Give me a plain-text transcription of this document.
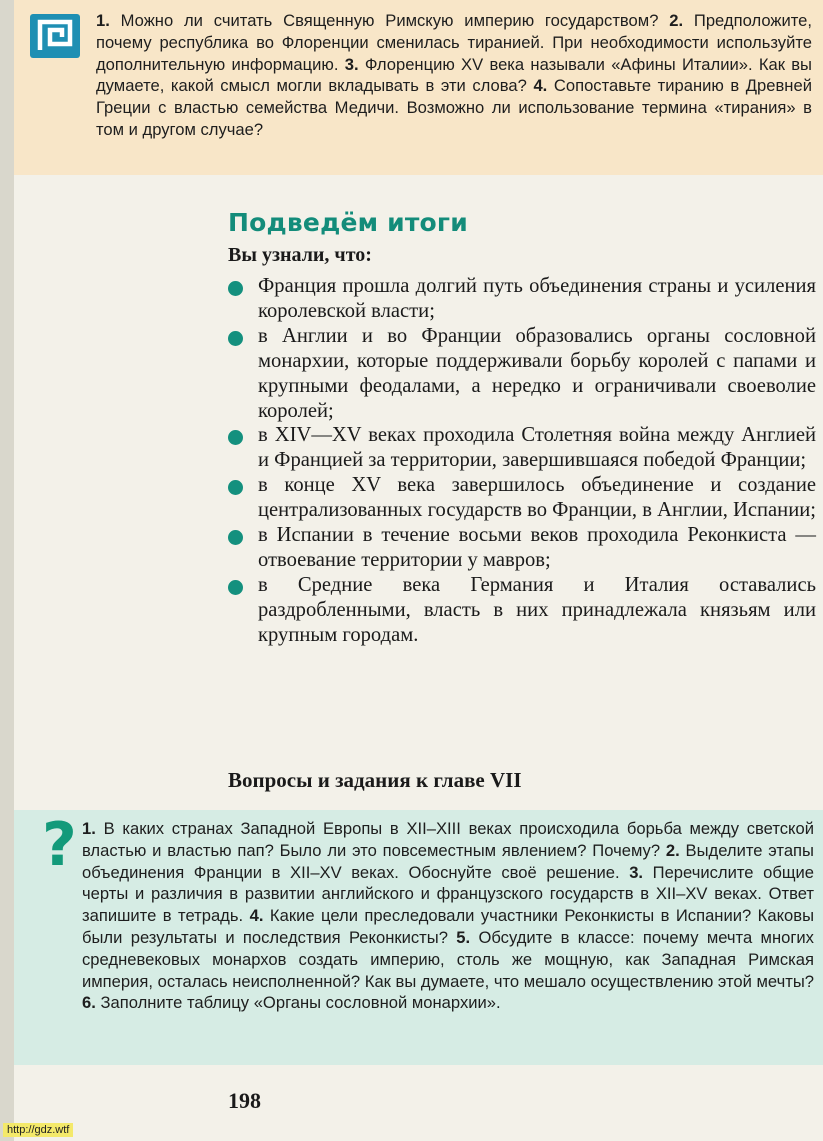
1. Можно ли считать Священную Римскую империю государством? 2. Предположите, почему республика во Флоренции сменилась тиранией. При необходимости используйте дополнительную информацию. 3. Флоренцию XV века называли «Афины Италии». Как вы думаете, какой смысл могли вкладывать в эти слова? 4. Сопоставьте тиранию в Древней Греции с властью семейства Медичи. Возможно ли использование термина «тирания» в том и другом случае?
Подведём итоги
Вы узнали, что:
Франция прошла долгий путь объединения страны и усиления королевской власти;
в Англии и во Франции образовались органы сословной монархии, которые поддерживали борьбу королей с папами и крупными феодалами, а нередко и ограничивали своеволие королей;
в XIV—XV веках проходила Столетняя война между Англией и Францией за территории, завершившаяся победой Франции;
в конце XV века завершилось объединение и создание централизованных государств во Франции, в Англии, Испании;
в Испании в течение восьми веков проходила Реконкиста — отвоевание территории у мавров;
в Средние века Германия и Италия оставались раздробленными, власть в них принадлежала князьям или крупным городам.
Вопросы и задания к главе VII
? 1. В каких странах Западной Европы в XII–XIII веках происходила борьба между светской властью и властью пап? Было ли это повсеместным явлением? Почему? 2. Выделите этапы объединения Франции в XII–XV веках. Обоснуйте своё решение. 3. Перечислите общие черты и различия в развитии английского и французского государств в XII–XV веках. Ответ запишите в тетрадь. 4. Какие цели преследовали участники Реконкисты в Испании? Каковы были результаты и последствия Реконкисты? 5. Обсудите в классе: почему мечта многих средневековых монархов создать империю, столь же мощную, как Западная Римская империя, осталась неисполненной? Как вы думаете, что мешало осуществлению этой мечты? 6. Заполните таблицу «Органы сословной монархии».
198
http://gdz.wtf
